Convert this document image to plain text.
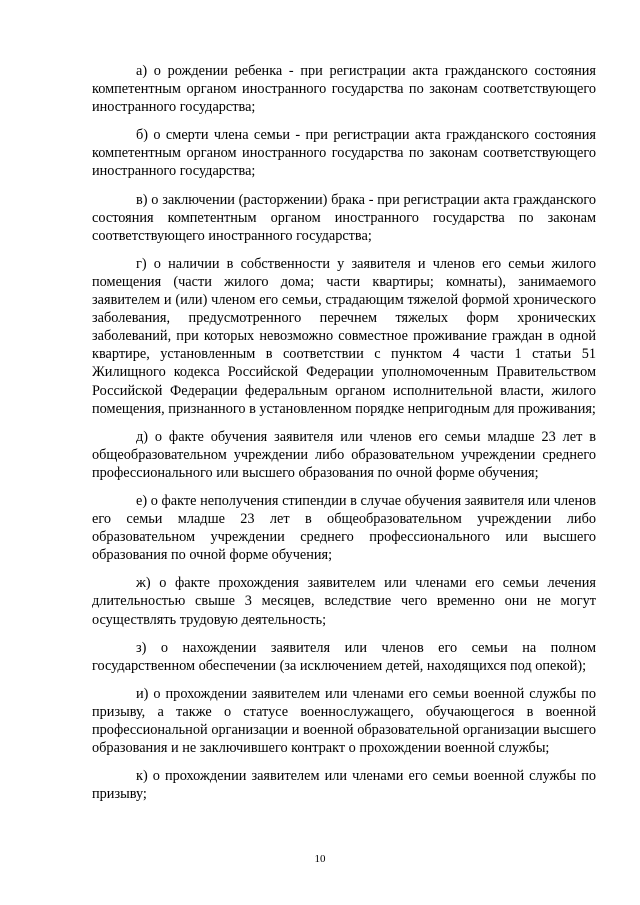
а) о рождении ребенка - при регистрации акта гражданского состояния компетентным органом иностранного государства по законам соответствующего иностранного государства;

б) о смерти члена семьи - при регистрации акта гражданского состояния компетентным органом иностранного государства по законам соответствующего иностранного государства;

в) о заключении (расторжении) брака - при регистрации акта гражданского состояния компетентным органом иностранного государства по законам соответствующего иностранного государства;

г) о наличии в собственности у заявителя и членов его семьи жилого помещения (части жилого дома; части квартиры; комнаты), занимаемого заявителем и (или) членом его семьи, страдающим тяжелой формой хронического заболевания, предусмотренного перечнем тяжелых форм хронических заболеваний, при которых невозможно совместное проживание граждан в одной квартире, установленным в соответствии с пунктом 4 части 1 статьи 51 Жилищного кодекса Российской Федерации уполномоченным Правительством Российской Федерации федеральным органом исполнительной власти, жилого помещения, признанного в установленном порядке непригодным для проживания;

д) о факте обучения заявителя или членов его семьи младше 23 лет в общеобразовательном учреждении либо образовательном учреждении среднего профессионального или высшего образования по очной форме обучения;

е) о факте неполучения стипендии в случае обучения заявителя или членов его семьи младше 23 лет в общеобразовательном учреждении либо образовательном учреждении среднего профессионального или высшего образования по очной форме обучения;

ж) о факте прохождения заявителем или членами его семьи лечения длительностью свыше 3 месяцев, вследствие чего временно они не могут осуществлять трудовую деятельность;

з) о нахождении заявителя или членов его семьи на полном государственном обеспечении (за исключением детей, находящихся под опекой);

и) о прохождении заявителем или членами его семьи военной службы по призыву, а также о статусе военнослужащего, обучающегося в военной профессиональной организации и военной образовательной организации высшего образования и не заключившего контракт о прохождении военной службы;

к) о прохождении заявителем или членами его семьи военной службы по призыву;

10
